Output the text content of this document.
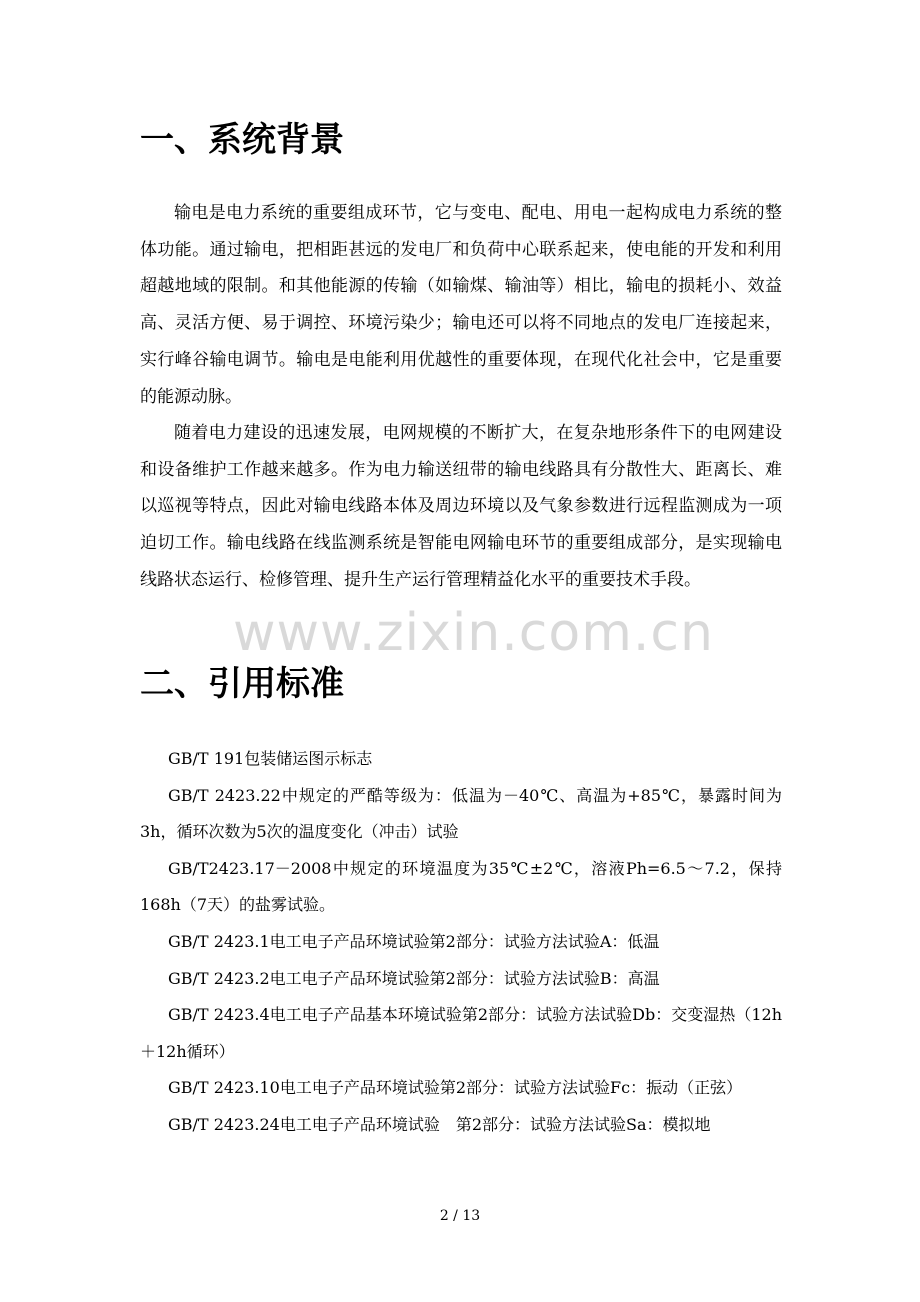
一、系统背景

输电是电力系统的重要组成环节，它与变电、配电、用电一起构成电力系统的整体功能。通过输电，把相距甚远的发电厂和负荷中心联系起来，使电能的开发和利用超越地域的限制。和其他能源的传输（如输煤、输油等）相比，输电的损耗小、效益高、灵活方便、易于调控、环境污染少；输电还可以将不同地点的发电厂连接起来，实行峰谷输电调节。输电是电能利用优越性的重要体现，在现代化社会中，它是重要的能源动脉。

随着电力建设的迅速发展，电网规模的不断扩大，在复杂地形条件下的电网建设和设备维护工作越来越多。作为电力输送纽带的输电线路具有分散性大、距离长、难以巡视等特点，因此对输电线路本体及周边环境以及气象参数进行远程监测成为一项迫切工作。输电线路在线监测系统是智能电网输电环节的重要组成部分，是实现输电线路状态运行、检修管理、提升生产运行管理精益化水平的重要技术手段。

www.zixin.com.cn
二、引用标准
GB/T 191包装储运图示标志
GB/T 2423.22中规定的严酷等级为：低温为－40℃、高温为+85℃，暴露时间为3h，循环次数为5次的温度变化（冲击）试验
GB/T2423.17－2008中规定的环境温度为35℃±2℃，溶液Ph=6.5～7.2，保持168h（7天）的盐雾试验。
GB/T 2423.1电工电子产品环境试验第2部分：试验方法试验A：低温
GB/T 2423.2电工电子产品环境试验第2部分：试验方法试验B：高温
GB/T 2423.4电工电子产品基本环境试验第2部分：试验方法试验Db：交变湿热（12h＋12h循环）
GB/T 2423.10电工电子产品环境试验第2部分：试验方法试验Fc：振动（正弦）
GB/T 2423.24电工电子产品环境试验　第2部分：试验方法试验Sa：模拟地
2 / 13
